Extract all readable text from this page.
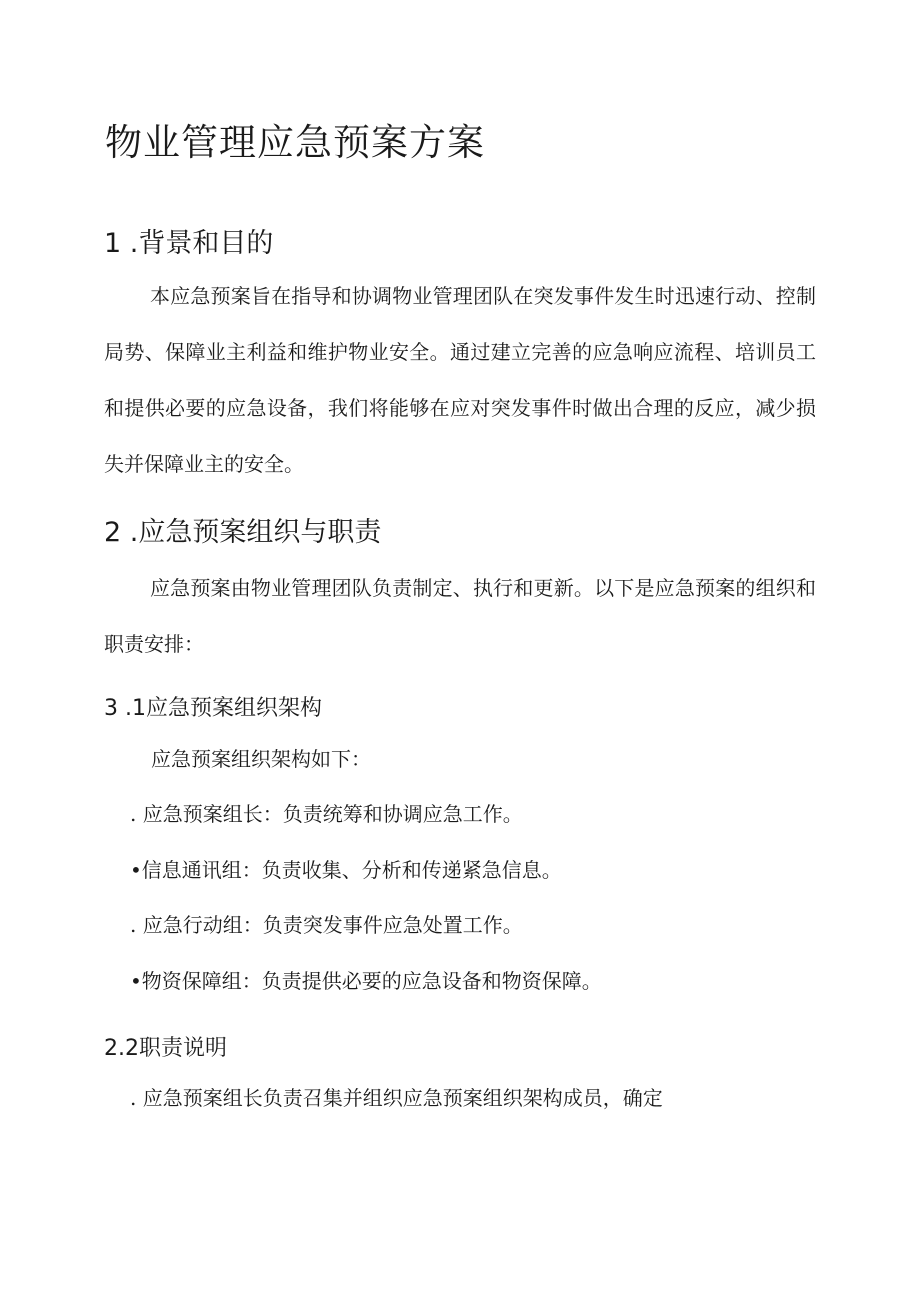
物业管理应急预案方案
1 .背景和目的

本应急预案旨在指导和协调物业管理团队在突发事件发生时迅速行动、控制局势、保障业主利益和维护物业安全。通过建立完善的应急响应流程、培训员工和提供必要的应急设备，我们将能够在应对突发事件时做出合理的反应，减少损失并保障业主的安全。

2 .应急预案组织与职责

应急预案由物业管理团队负责制定、执行和更新。以下是应急预案的组织和职责安排：

3 .1应急预案组织架构

应急预案组织架构如下：

. 应急预案组长：负责统筹和协调应急工作。

•信息通讯组：负责收集、分析和传递紧急信息。

. 应急行动组：负责突发事件应急处置工作。

•物资保障组：负责提供必要的应急设备和物资保障。

2.2职责说明

. 应急预案组长负责召集并组织应急预案组织架构成员，确定
